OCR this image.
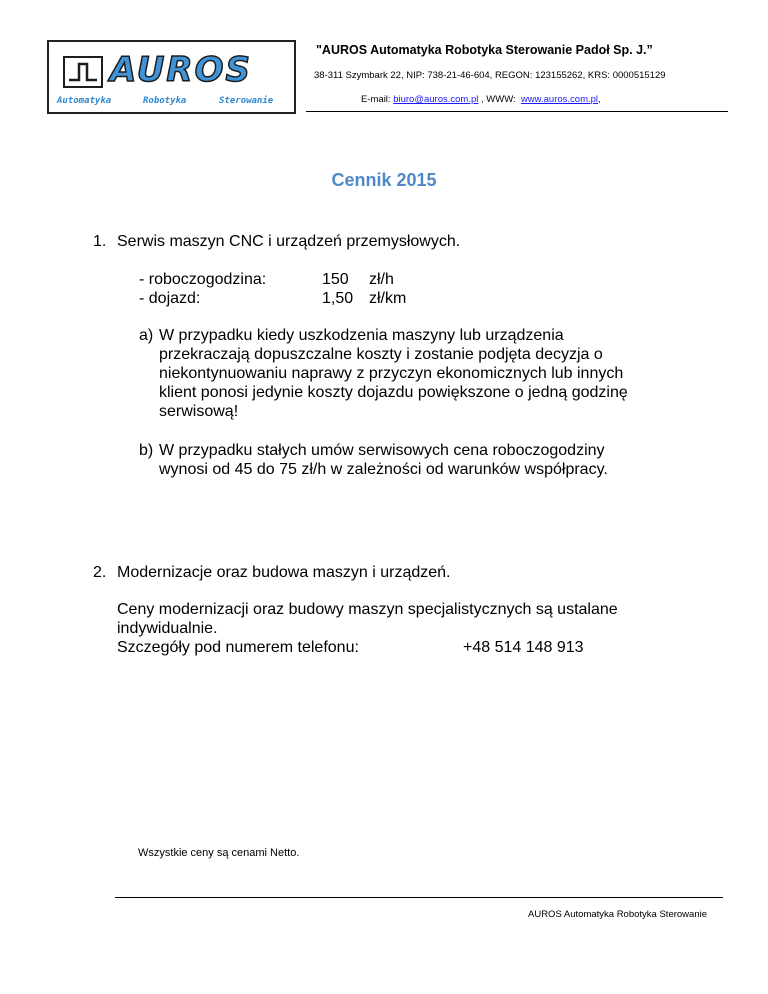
AUROS
Automatyka	Robotyka	Sterowanie
"AUROS Automatyka Robotyka Sterowanie Padoł Sp. J.”
38-311 Szymbark 22, NIP: 738-21-46-604, REGON: 123155262, KRS: 0000515129
E-mail: biuro@auros.com.pl , WWW:  www.auros.com.pl,
Cennik 2015
1. Serwis maszyn CNC i urządzeń przemysłowych.
- roboczogodzina:	150 zł/h
- dojazd:	1,50 zł/km
a) W przypadku kiedy uszkodzenia maszyny lub urządzenia
przekraczają dopuszczalne koszty i zostanie podjęta decyzja o
niekontynuowaniu naprawy z przyczyn ekonomicznych lub innych
klient ponosi jedynie koszty dojazdu powiększone o jedną godzinę
serwisową!
b) W przypadku stałych umów serwisowych cena roboczogodziny
wynosi od 45 do 75 zł/h w zależności od warunków współpracy.
2. Modernizacje oraz budowa maszyn i urządzeń.
Ceny modernizacji oraz budowy maszyn specjalistycznych są ustalane
indywidualnie.
Szczegóły pod numerem telefonu:	+48 514 148 913
Wszystkie ceny są cenami Netto.
AUROS Automatyka Robotyka Sterowanie
